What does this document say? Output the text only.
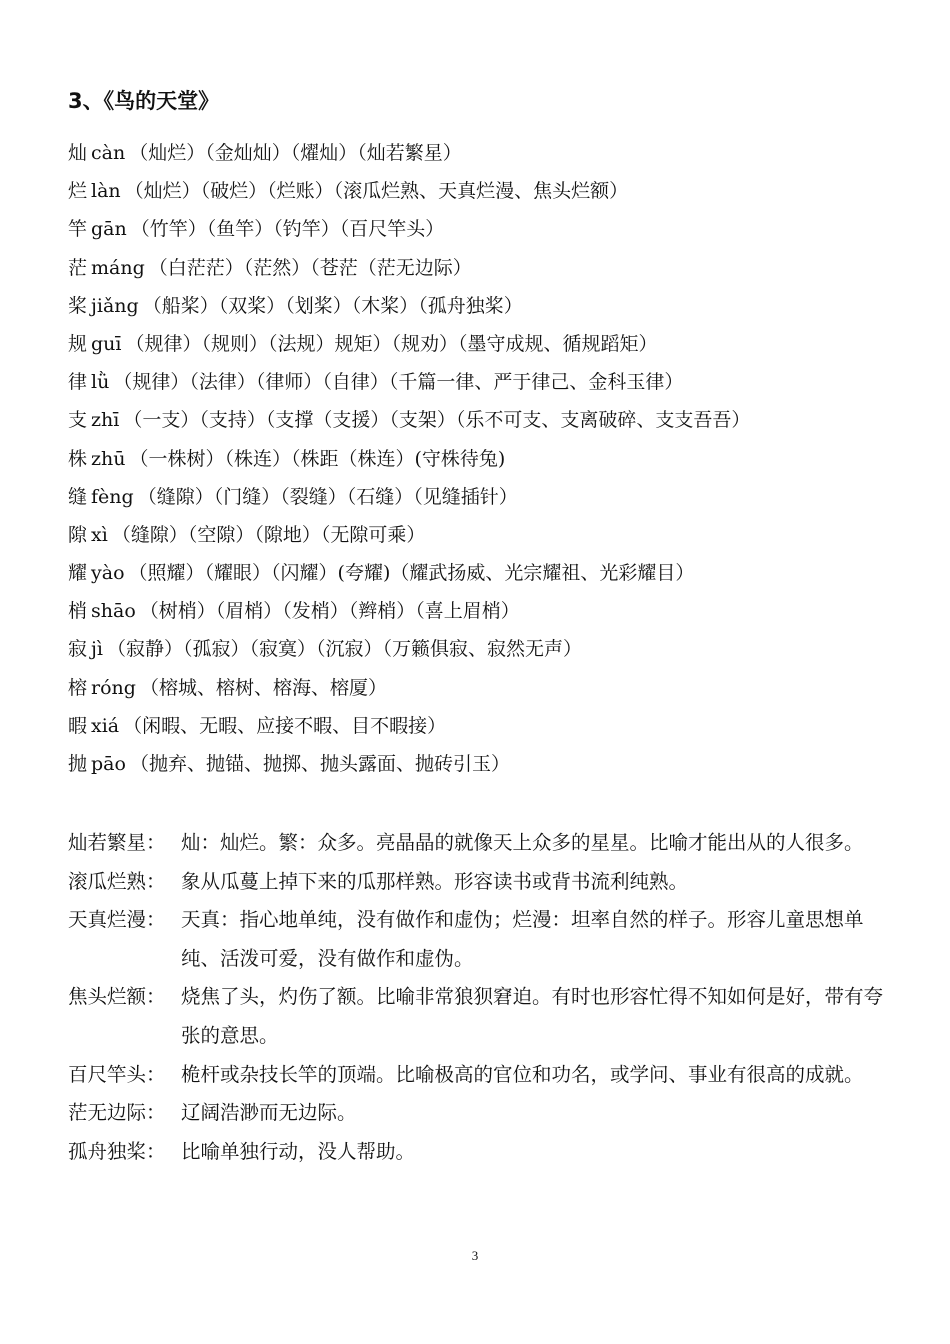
3、《鸟的天堂》
灿 càn （灿烂）（金灿灿）（燿灿）（灿若繁星）
烂 làn （灿烂）（破烂）（烂账）（滚瓜烂熟、天真烂漫、焦头烂额）
竿 gān （竹竿）（鱼竿）（钓竿）（百尺竿头）
茫 máng （白茫茫）（茫然）（苍茫（茫无边际）
桨 jiǎng （船桨）（双桨）（划桨）（木桨）（孤舟独桨）
规 guī （规律）（规则）（法规）规矩）（规劝）（墨守成规、循规蹈矩）
律 lǜ （规律）（法律）（律师）（自律）（千篇一律、严于律己、金科玉律）
支 zhī （一支）（支持）（支撑（支援）（支架）（乐不可支、支离破碎、支支吾吾）
株 zhū （一株树）（株连）（株距（株连）(守株待兔)
缝 fèng （缝隙）（门缝）（裂缝）（石缝）（见缝插针）
隙 xì （缝隙）（空隙）（隙地）（无隙可乘）
耀 yào （照耀）（耀眼）（闪耀）(夸耀)（耀武扬威、光宗耀祖、光彩耀目）
梢 shāo （树梢）（眉梢）（发梢）（辫梢）（喜上眉梢）
寂 jì （寂静）（孤寂）（寂寞）（沉寂）（万籁俱寂、寂然无声）
榕 róng （榕城、榕树、榕海、榕厦）
暇 xiá （闲暇、无暇、应接不暇、目不暇接）
抛 pāo （抛弃、抛锚、抛掷、抛头露面、抛砖引玉）
灿若繁星： 灿：灿烂。繁：众多。亮晶晶的就像天上众多的星星。比喻才能出从的人很多。
滚瓜烂熟： 象从瓜蔓上掉下来的瓜那样熟。形容读书或背书流利纯熟。
天真烂漫： 天真：指心地单纯，没有做作和虚伪；烂漫：坦率自然的样子。形容儿童思想单纯、活泼可爱，没有做作和虚伪。
焦头烂额： 烧焦了头，灼伤了额。比喻非常狼狈窘迫。有时也形容忙得不知如何是好，带有夸张的意思。
百尺竿头： 桅杆或杂技长竿的顶端。比喻极高的官位和功名，或学问、事业有很高的成就。
茫无边际： 辽阔浩渺而无边际。
孤舟独桨： 比喻单独行动，没人帮助。
3
